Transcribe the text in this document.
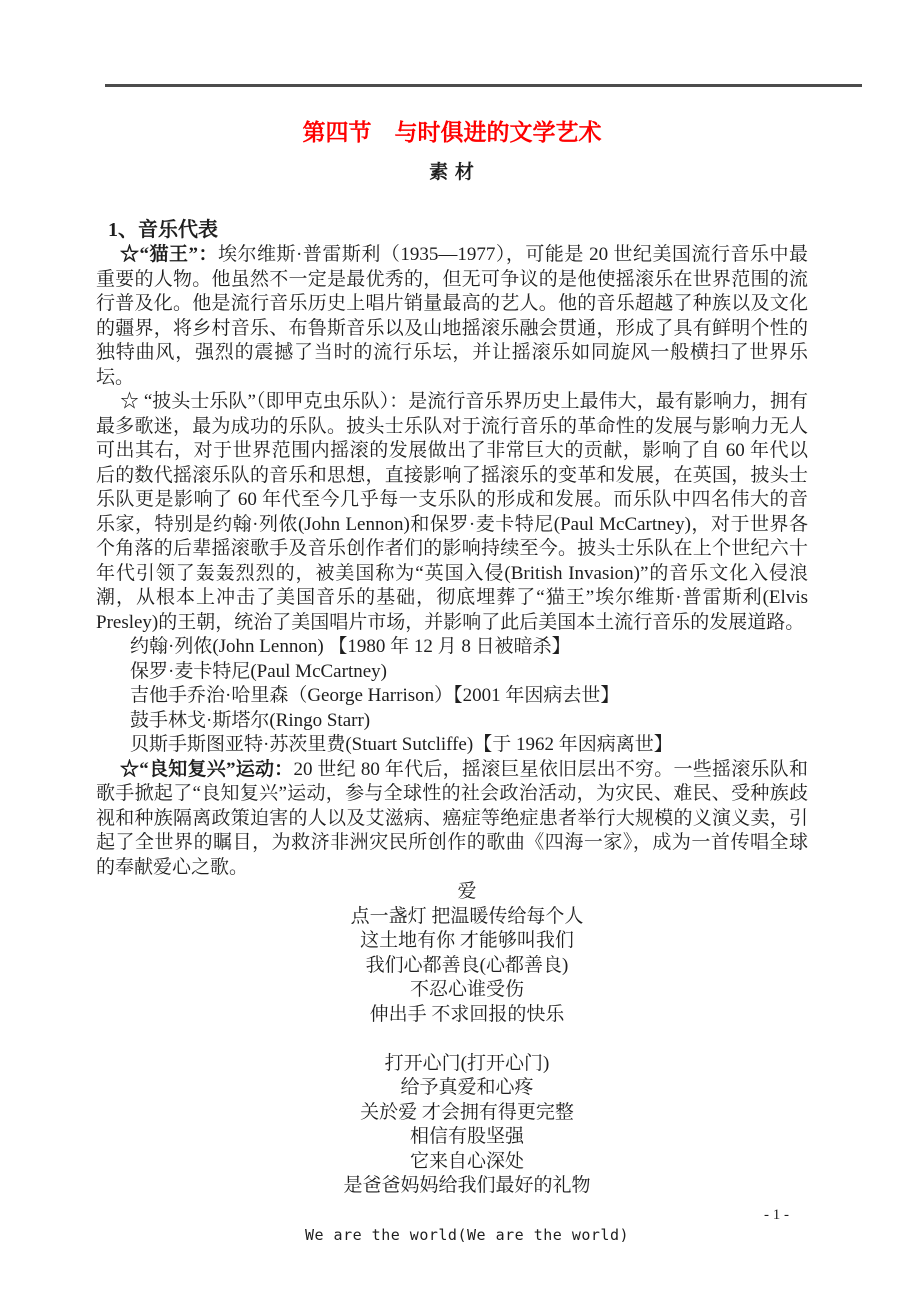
第四节　与时俱进的文学艺术
素 材
1、音乐代表

☆“猫王”：埃尔维斯·普雷斯利（1935—1977），可能是 20 世纪美国流行音乐中最重要的人物。他虽然不一定是最优秀的，但无可争议的是他使摇滚乐在世界范围的流行普及化。他是流行音乐历史上唱片销量最高的艺人。他的音乐超越了种族以及文化的疆界，将乡村音乐、布鲁斯音乐以及山地摇滚乐融会贯通，形成了具有鲜明个性的独特曲风，强烈的震撼了当时的流行乐坛，并让摇滚乐如同旋风一般横扫了世界乐坛。

☆ “披头士乐队”（即甲克虫乐队）：是流行音乐界历史上最伟大，最有影响力，拥有最多歌迷，最为成功的乐队。披头士乐队对于流行音乐的革命性的发展与影响力无人可出其右，对于世界范围内摇滚的发展做出了非常巨大的贡献，影响了自 60 年代以后的数代摇滚乐队的音乐和思想，直接影响了摇滚乐的变革和发展，在英国，披头士乐队更是影响了 60 年代至今几乎每一支乐队的形成和发展。而乐队中四名伟大的音乐家，特别是约翰·列侬(John Lennon)和保罗·麦卡特尼(Paul McCartney)，对于世界各个角落的后辈摇滚歌手及音乐创作者们的影响持续至今。披头士乐队在上个世纪六十年代引领了轰轰烈烈的，被美国称为“英国入侵(British Invasion)”的音乐文化入侵浪潮，从根本上冲击了美国音乐的基础，彻底埋葬了“猫王”埃尔维斯·普雷斯利(Elvis Presley)的王朝，统治了美国唱片市场，并影响了此后美国本土流行音乐的发展道路。

约翰·列侬(John Lennon) 【1980 年 12 月 8 日被暗杀】
保罗·麦卡特尼(Paul McCartney)
吉他手乔治·哈里森（George Harrison）【2001 年因病去世】
鼓手林戈·斯塔尔(Ringo Starr)
贝斯手斯图亚特·苏茨里费(Stuart Sutcliffe)【于 1962 年因病离世】

☆“良知复兴”运动：20 世纪 80 年代后，摇滚巨星依旧层出不穷。一些摇滚乐队和歌手掀起了“良知复兴”运动，参与全球性的社会政治活动，为灾民、难民、受种族歧视和种族隔离政策迫害的人以及艾滋病、癌症等绝症患者举行大规模的义演义卖，引起了全世界的瞩目，为救济非洲灾民所创作的歌曲《四海一家》，成为一首传唱全球的奉献爱心之歌。

爱
点一盏灯 把温暖传给每个人
这土地有你 才能够叫我们
我们心都善良(心都善良)
不忍心谁受伤
伸出手 不求回报的快乐
打开心门(打开心门)
给予真爱和心疼
关於爱 才会拥有得更完整
相信有股坚强
它来自心深处
是爸爸妈妈给我们最好的礼物
We are the world(We are the world)
- 1 -
